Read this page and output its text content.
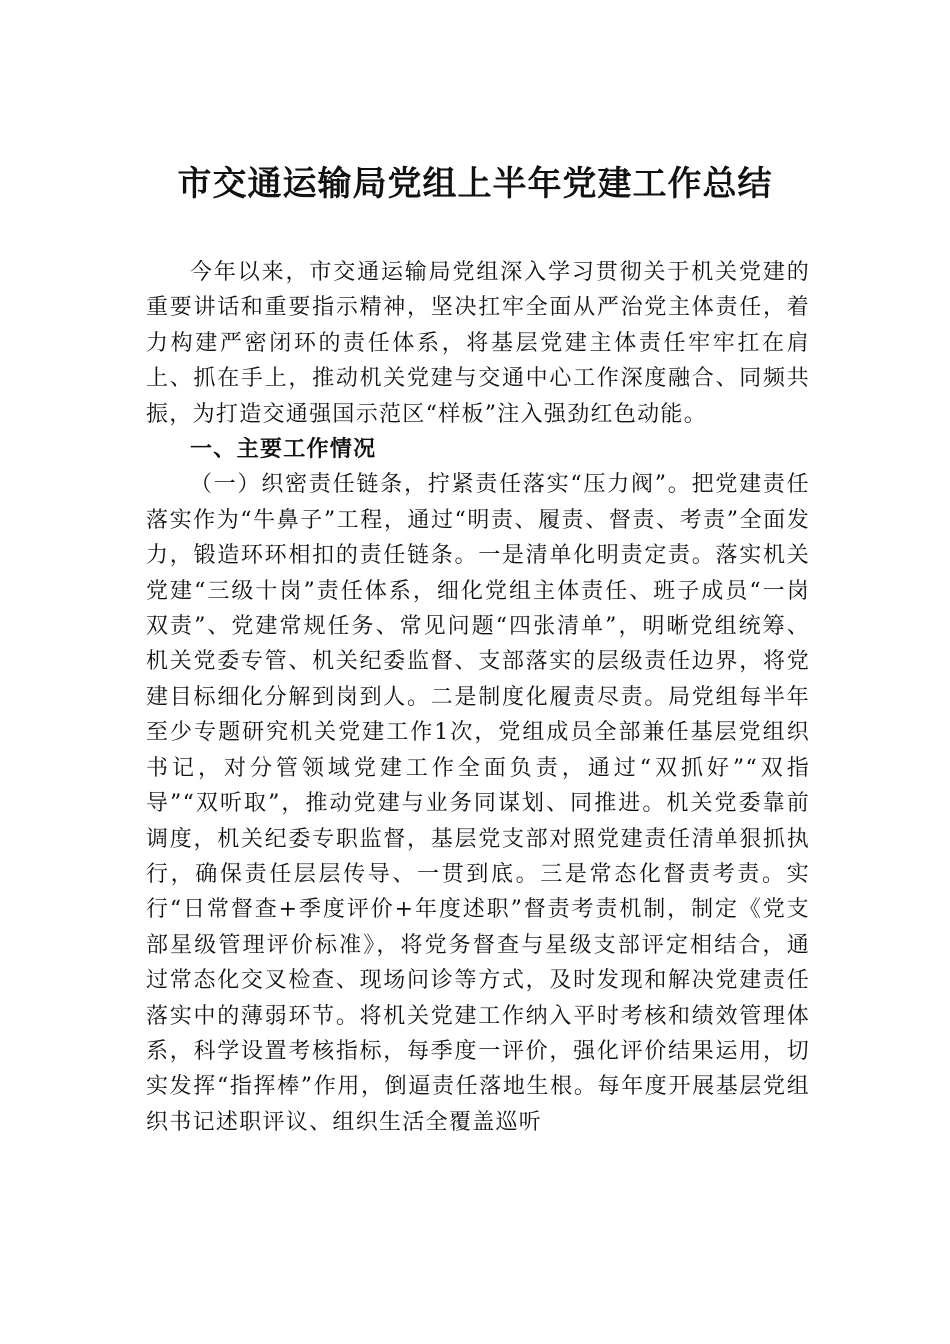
市交通运输局党组上半年党建工作总结

今年以来，市交通运输局党组深入学习贯彻关于机关党建的重要讲话和重要指示精神，坚决扛牢全面从严治党主体责任，着力构建严密闭环的责任体系，将基层党建主体责任牢牢扛在肩上、抓在手上，推动机关党建与交通中心工作深度融合、同频共振，为打造交通强国示范区“样板”注入强劲红色动能。

一、主要工作情况

（一）织密责任链条，拧紧责任落实“压力阀”。把党建责任落实作为“牛鼻子”工程，通过“明责、履责、督责、考责”全面发力，锻造环环相扣的责任链条。一是清单化明责定责。落实机关党建“三级十岗”责任体系，细化党组主体责任、班子成员“一岗双责”、党建常规任务、常见问题“四张清单”，明晰党组统筹、机关党委专管、机关纪委监督、支部落实的层级责任边界，将党建目标细化分解到岗到人。二是制度化履责尽责。局党组每半年至少专题研究机关党建工作1次，党组成员全部兼任基层党组织书记，对分管领域党建工作全面负责，通过“双抓好”“双指导”“双听取”，推动党建与业务同谋划、同推进。机关党委靠前调度，机关纪委专职监督，基层党支部对照党建责任清单狠抓执行，确保责任层层传导、一贯到底。三是常态化督责考责。实行“日常督查+季度评价+年度述职”督责考责机制，制定《党支部星级管理评价标准》，将党务督查与星级支部评定相结合，通过常态化交叉检查、现场问诊等方式，及时发现和解决党建责任落实中的薄弱环节。将机关党建工作纳入平时考核和绩效管理体系，科学设置考核指标，每季度一评价，强化评价结果运用，切实发挥“指挥棒”作用，倒逼责任落地生根。每年度开展基层党组织书记述职评议、组织生活全覆盖巡听
